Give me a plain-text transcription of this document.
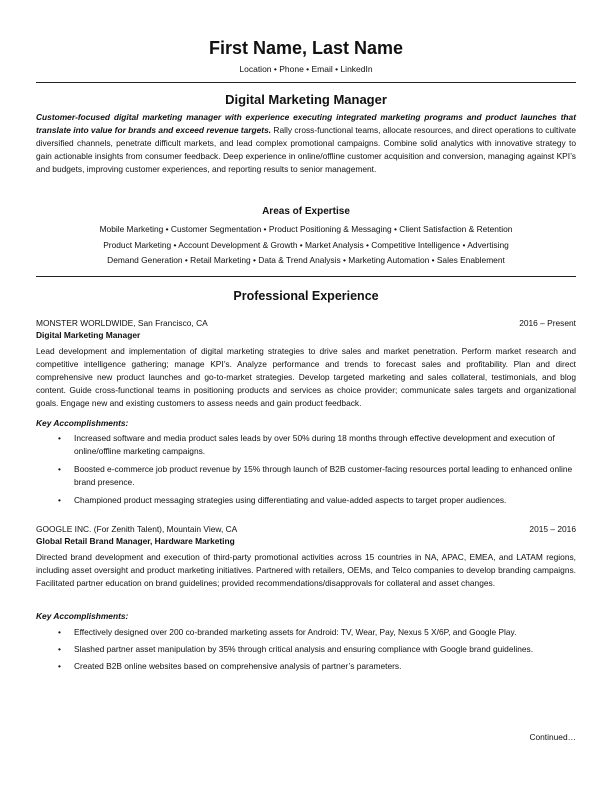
First Name, Last Name
Location • Phone • Email • LinkedIn
Digital Marketing Manager
Customer-focused digital marketing manager with experience executing integrated marketing programs and product launches that translate into value for brands and exceed revenue targets. Rally cross-functional teams, allocate resources, and direct operations to cultivate diversified channels, penetrate difficult markets, and lead complex promotional campaigns. Combine solid analytics with innovative strategy to gain actionable insights from consumer feedback. Deep experience in online/offline customer acquisition and conversion, managing against KPI’s and budgets, improving customer experiences, and reporting results to senior management.
Areas of Expertise
Mobile Marketing • Customer Segmentation • Product Positioning & Messaging • Client Satisfaction & Retention
Product Marketing • Account Development & Growth • Market Analysis • Competitive Intelligence • Advertising
Demand Generation • Retail Marketing • Data & Trend Analysis • Marketing Automation • Sales Enablement
Professional Experience
MONSTER WORLDWIDE, San Francisco, CA	2016 – Present
Digital Marketing Manager
Lead development and implementation of digital marketing strategies to drive sales and market penetration. Perform market research and competitive intelligence gathering; manage KPI’s. Analyze performance and trends to forecast sales and profitability. Plan and direct comprehensive new product launches and go-to-market strategies. Develop targeted marketing and sales collateral, testimonials, and blog content. Guide cross-functional teams in positioning products and services as choice provider; communicate sales targets and organizational goals. Engage new and existing customers to assess needs and gain product feedback.
Key Accomplishments:
• Increased software and media product sales leads by over 50% during 18 months through effective development and execution of online/offline marketing campaigns.
• Boosted e-commerce job product revenue by 15% through launch of B2B customer-facing resources portal leading to enhanced online brand presence.
• Championed product messaging strategies using differentiating and value-added aspects to target proper audiences.
GOOGLE INC. (For Zenith Talent), Mountain View, CA	2015 – 2016
Global Retail Brand Manager, Hardware Marketing
Directed brand development and execution of third-party promotional activities across 15 countries in NA, APAC, EMEA, and LATAM regions, including asset oversight and product marketing initiatives. Partnered with retailers, OEMs, and Telco companies to develop branding campaigns. Facilitated partner education on brand guidelines; provided recommendations/disapprovals for collateral and asset changes.
Key Accomplishments:
• Effectively designed over 200 co-branded marketing assets for Android: TV, Wear, Pay, Nexus 5 X/6P, and Google Play.
• Slashed partner asset manipulation by 35% through critical analysis and ensuring compliance with Google brand guidelines.
• Created B2B online websites based on comprehensive analysis of partner’s parameters.
Continued…
